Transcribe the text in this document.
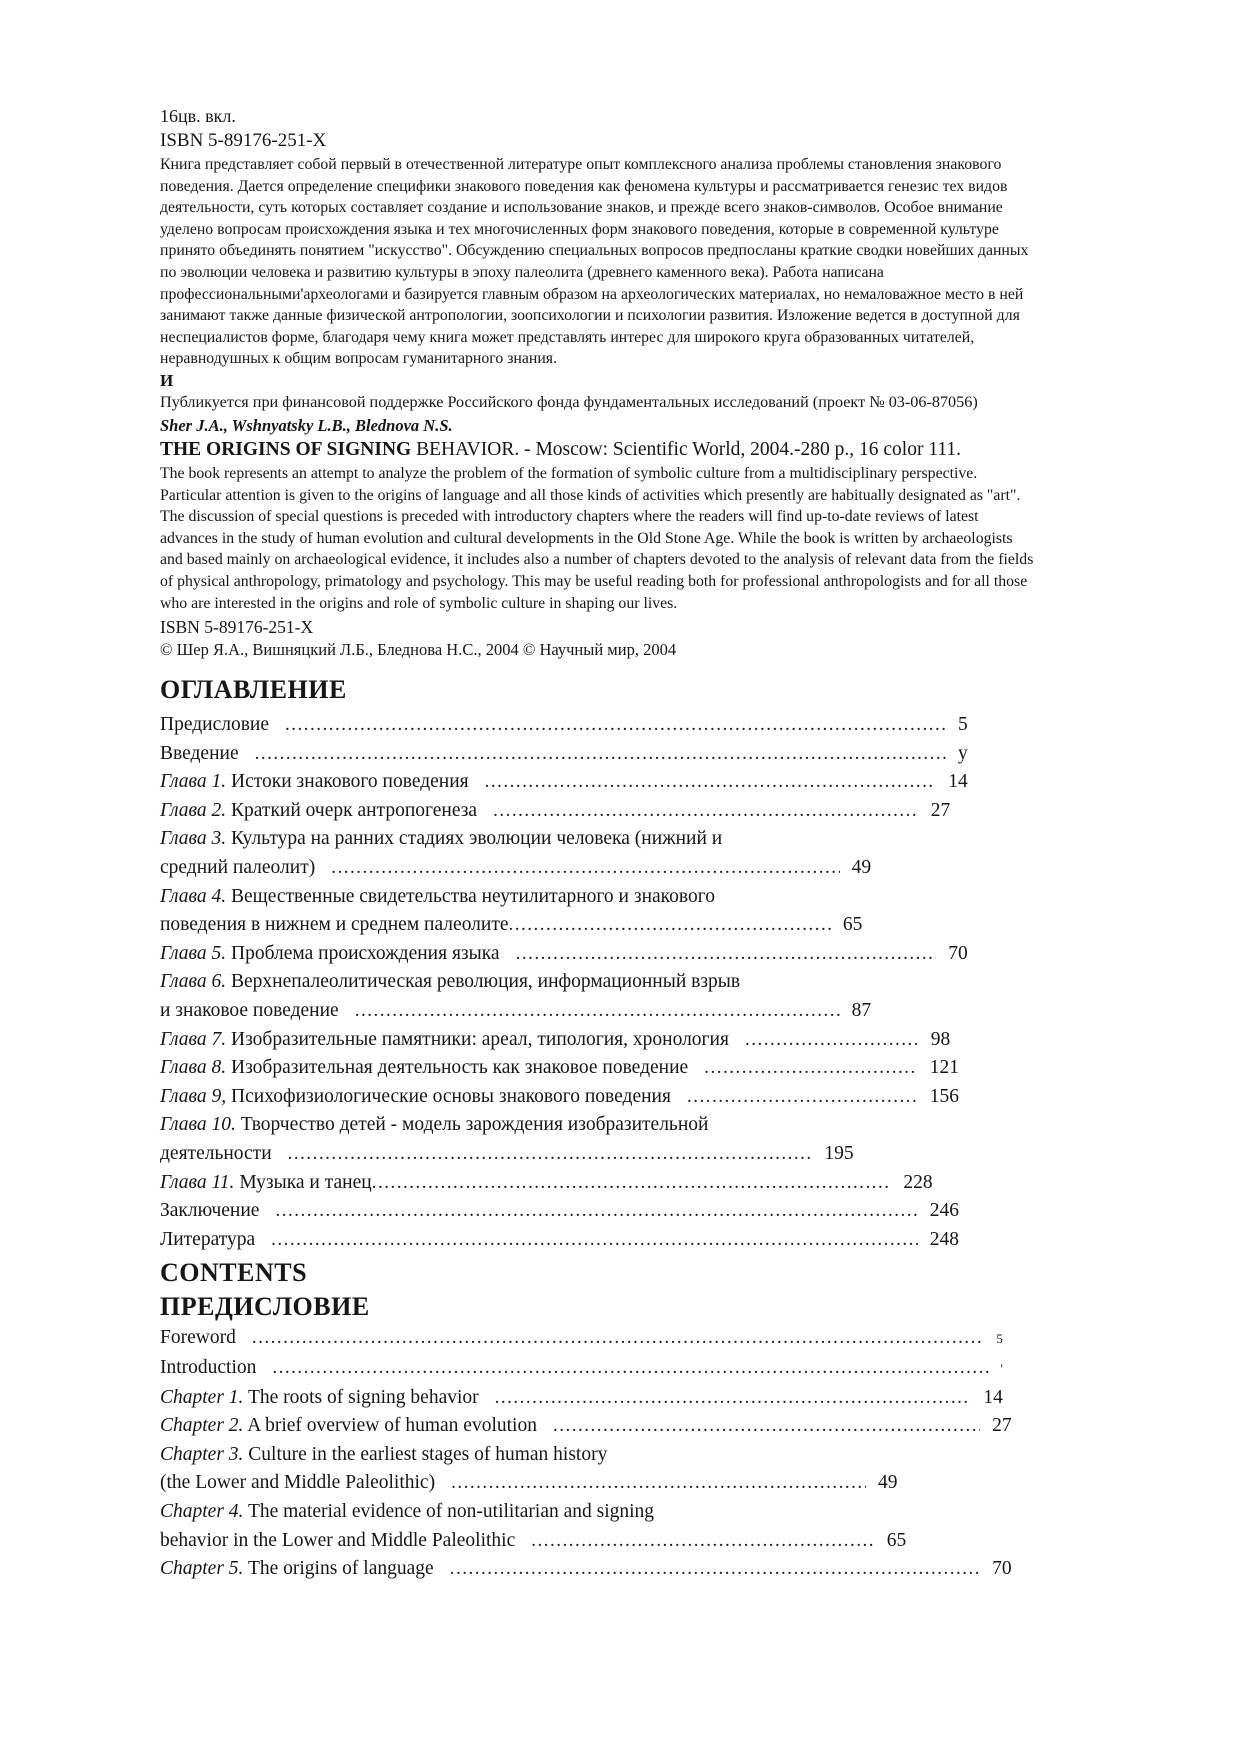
16цв. вкл.
ISBN 5-89176-251-X

Книга представляет собой первый в отечественной литературе опыт комплексного анализа проблемы становления знакового поведения. Дается определение специфики знакового поведения как феномена культуры и рассматривается генезис тех видов деятельности, суть которых составляет создание и использование знаков, и прежде всего знаков-символов. Особое внимание уделено вопросам происхождения языка и тех многочисленных форм знакового поведения, которые в современной культуре принято объединять понятием "искусство". Обсуждению специальных вопросов предпосланы краткие сводки новейших данных по эволюции человека и развитию культуры в эпоху палеолита (древнего каменного века). Работа написана профессиональными'археологами и базируется главным образом на археологических материалах, но немаловажное место в ней занимают также данные физической антропологии, зоопсихологии и психологии развития. Изложение ведется в доступной для неспециалистов форме, благодаря чему книга может представлять интерес для широкого круга образованных читателей, неравнодушных к общим вопросам гуманитарного знания.

И

Публикуется при финансовой поддержке Российского фонда фундаментальных исследований (проект № 03-06-87056)

Sher J.A., Wshnyatsky L.B., Blednova N.S.
THE ORIGINS OF SIGNING BEHAVIOR. - Moscow: Scientific World, 2004.-280 p., 16 color 111.

The book represents an attempt to analyze the problem of the formation of symbolic culture from a multidisciplinary perspective. Particular attention is given to the origins of language and all those kinds of activities which presently are habitually designated as "art". The discussion of special questions is preceded with introductory chapters where the readers will find up-to-date reviews of latest advances in the study of human evolution and cultural developments in the Old Stone Age. While the book is written by archaeologists and based mainly on archaeological evidence, it includes also a number of chapters devoted to the analysis of relevant data from the fields of physical anthropology, primatology and psychology. This may be useful reading both for professional anthropologists and for all those who are interested in the origins and role of symbolic culture in shaping our lives.

ISBN 5-89176-251-X
© Шер Я.А., Вишняцкий Л.Б., Бледнова Н.С., 2004 © Научный мир, 2004
ОГЛАВЛЕНИЕ
Предисловие .....	5
Введение .....	у
Глава 1. Истоки знакового поведения .....	14
Глава 2. Краткий очерк антропогенеза .....	27
Глава 3. Культура на ранних стадиях эволюции человека (нижний и
средний палеолит) .....	49
Глава 4. Вещественные свидетельства неутилитарного и знакового
поведения в нижнем и среднем палеолите .....	65
Глава 5. Проблема происхождения языка .....	70
Глава 6. Верхнепалеолитическая революция, информационный взрыв
и знаковое поведение .....	87
Глава 7. Изобразительные памятники: ареал, типология, хронология .....	98
Глава 8. Изобразительная деятельность как знаковое поведение .....	121
Глава 9, Психофизиологические основы знакового поведения .....	156
Глава 10. Творчество детей - модель зарождения изобразительной
деятельности .....	195
Глава 11. Музыка и танец .....	228
Заключение .....	246
Литература .....	248
CONTENTS
ПРЕДИСЛОВИЕ
Foreword .....	5
Introduction .....	'
Chapter 1. The roots of signing behavior .....	14
Chapter 2. A brief overview of human evolution .....	27
Chapter 3. Culture in the earliest stages of human history
(the Lower and Middle Paleolithic) .....	49
Chapter 4. The material evidence of non-utilitarian and signing
behavior in the Lower and Middle Paleolithic .....	65
Chapter 5. The origins of language .....	70
